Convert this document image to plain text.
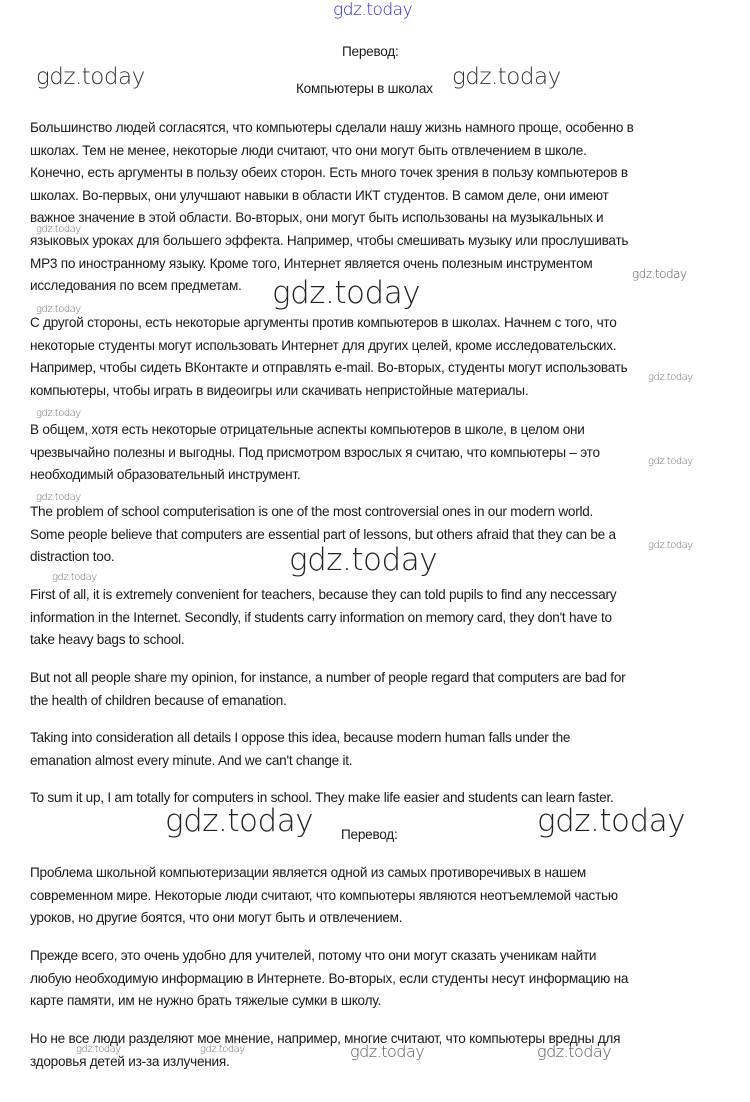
gdz.today
gdz.today	gdz.today
gdz.today
gdz.today
gdz.today
gdz.today
gdz.today
gdz.today
gdz.today
gdz.today
gdz.today
gdz.today
gdz.today
gdz.today	gdz.today
gdz.today	gdz.today	gdz.today	gdz.today
Перевод:
Компьютеры в школах
Большинство людей согласятся, что компьютеры сделали нашу жизнь намного проще, особенно в
школах. Тем не менее, некоторые люди считают, что они могут быть отвлечением в школе.
Конечно, есть аргументы в пользу обеих сторон. Есть много точек зрения в пользу компьютеров в
школах. Во-первых, они улучшают навыки в области ИКТ студентов. В самом деле, они имеют
важное значение в этой области. Во-вторых, они могут быть использованы на музыкальных и
языковых уроках для большего эффекта. Например, чтобы смешивать музыку или прослушивать
МР3 по иностранному языку. Кроме того, Интернет является очень полезным инструментом
исследования по всем предметам.
С другой стороны, есть некоторые аргументы против компьютеров в школах. Начнем с того, что
некоторые студенты могут использовать Интернет для других целей, кроме исследовательских.
Например, чтобы сидеть ВКонтакте и отправлять e-mail. Во-вторых, студенты могут использовать
компьютеры, чтобы играть в видеоигры или скачивать непристойные материалы.
В общем, хотя есть некоторые отрицательные аспекты компьютеров в школе, в целом они
чрезвычайно полезны и выгодны. Под присмотром взрослых я считаю, что компьютеры – это
необходимый образовательный инструмент.
The problem of school computerisation is one of the most controversial ones in our modern world.
Some people believe that computers are essential part of lessons, but others afraid that they can be a
distraction too.
First of all, it is extremely convenient for teachers, because they can told pupils to find any neccessary
information in the Internet. Secondly, if students carry information on memory card, they don't have to
take heavy bags to school.
But not all people share my opinion, for instance, a number of people regard that computers are bad for
the health of children because of emanation.
Taking into consideration all details I oppose this idea, because modern human falls under the
emanation almost every minute. And we can't change it.
To sum it up, I am totally for computers in school. They make life easier and students can learn faster.
Перевод:
Проблема школьной компьютеризации является одной из самых противоречивых в нашем
современном мире. Некоторые люди считают, что компьютеры являются неотъемлемой частью
уроков, но другие боятся, что они могут быть и отвлечением.
Прежде всего, это очень удобно для учителей, потому что они могут сказать ученикам найти
любую необходимую информацию в Интернете. Во-вторых, если студенты несут информацию на
карте памяти, им не нужно брать тяжелые сумки в школу.
Но не все люди разделяют мое мнение, например, многие считают, что компьютеры вредны для
здоровья детей из-за излучения.
